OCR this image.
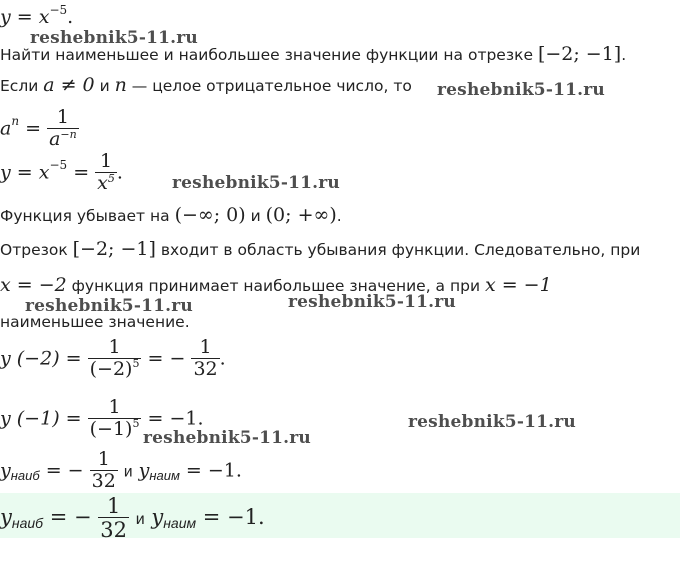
$y = x^{-5}$.
reshebnik5-11.ru
Найти наименьшее и наибольшее значение функции на отрезке [−2; −1].
Если a ≠ 0 и n — целое отрицательное число, то reshebnik5-11.ru
$a^n = \frac{1}{a^{-n}}$
$y = x^{-5} = \frac{1}{x^5}$ .	reshebnik5-11.ru
Функция убывает на (−∞; 0) и (0; +∞).
Отрезок [−2; −1] входит в область убывания функции. Следовательно, при
x = −2 функция принимает наибольшее значение, а при x = −1
reshebnik5-11.ru	reshebnik5-11.ru
наименьшее значение.
y $(-2) = \frac{1}{(-2)^5}$ = − $\frac{1}{32}$ .
y $(-1) = \frac{1}{(-1)^5} = -1$.	reshebnik5-11.ru
reshebnik5-11.ru
$y_{наиб}$ = − $\frac{1}{32}$ и $y_{наим} = -1$.
yнаиб = − $\frac{1}{32}$ и yнаим = −1.
